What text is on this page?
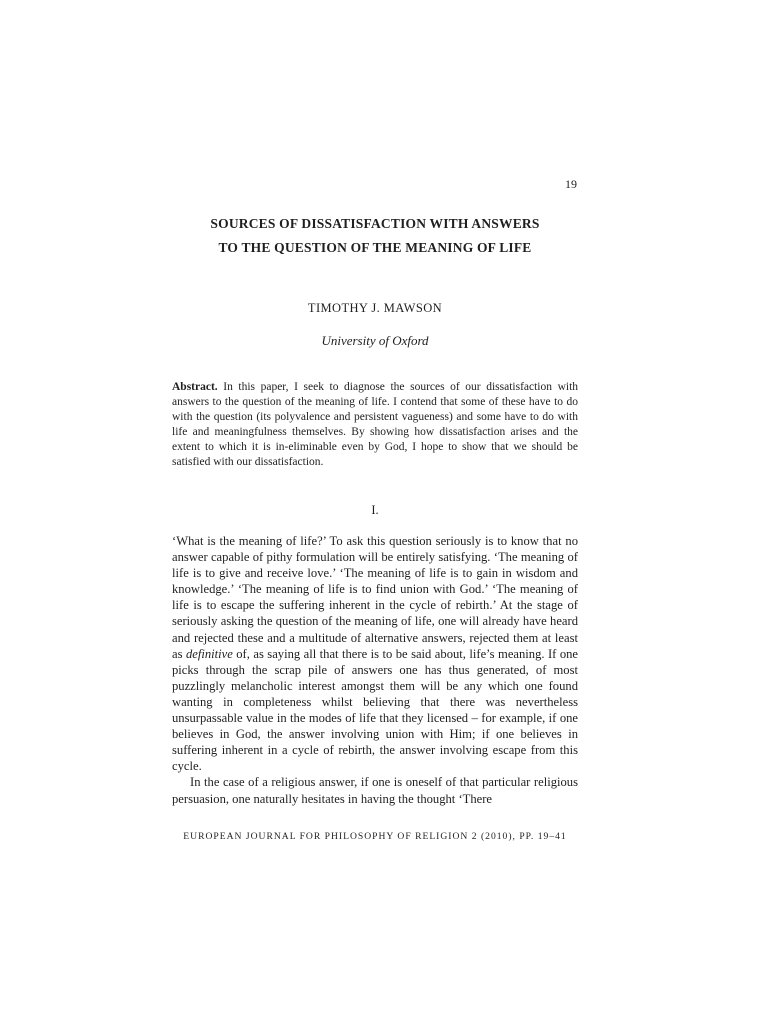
19
SOURCES OF DISSATISFACTION WITH ANSWERS
TO THE QUESTION OF THE MEANING OF LIFE
TIMOTHY J. MAWSON
University of Oxford

Abstract. In this paper, I seek to diagnose the sources of our dissatisfaction with answers to the question of the meaning of life. I contend that some of these have to do with the question (its polyvalence and persistent vagueness) and some have to do with life and meaningfulness themselves. By showing how dissatisfaction arises and the extent to which it is in-eliminable even by God, I hope to show that we should be satisfied with our dissatisfaction.

I.

‘What is the meaning of life?’ To ask this question seriously is to know that no answer capable of pithy formulation will be entirely satisfying. ‘The meaning of life is to give and receive love.’ ‘The meaning of life is to gain in wisdom and knowledge.’ ‘The meaning of life is to find union with God.’ ‘The meaning of life is to escape the suffering inherent in the cycle of rebirth.’ At the stage of seriously asking the question of the meaning of life, one will already have heard and rejected these and a multitude of alternative answers, rejected them at least as definitive of, as saying all that there is to be said about, life’s meaning. If one picks through the scrap pile of answers one has thus generated, of most puzzlingly melancholic interest amongst them will be any which one found wanting in completeness whilst believing that there was nevertheless unsurpassable value in the modes of life that they licensed – for example, if one believes in God, the answer involving union with Him; if one believes in suffering inherent in a cycle of rebirth, the answer involving escape from this cycle.

In the case of a religious answer, if one is oneself of that particular religious persuasion, one naturally hesitates in having the thought ‘There

EUROPEAN JOURNAL FOR PHILOSOPHY OF RELIGION 2 (2010), PP. 19–41
